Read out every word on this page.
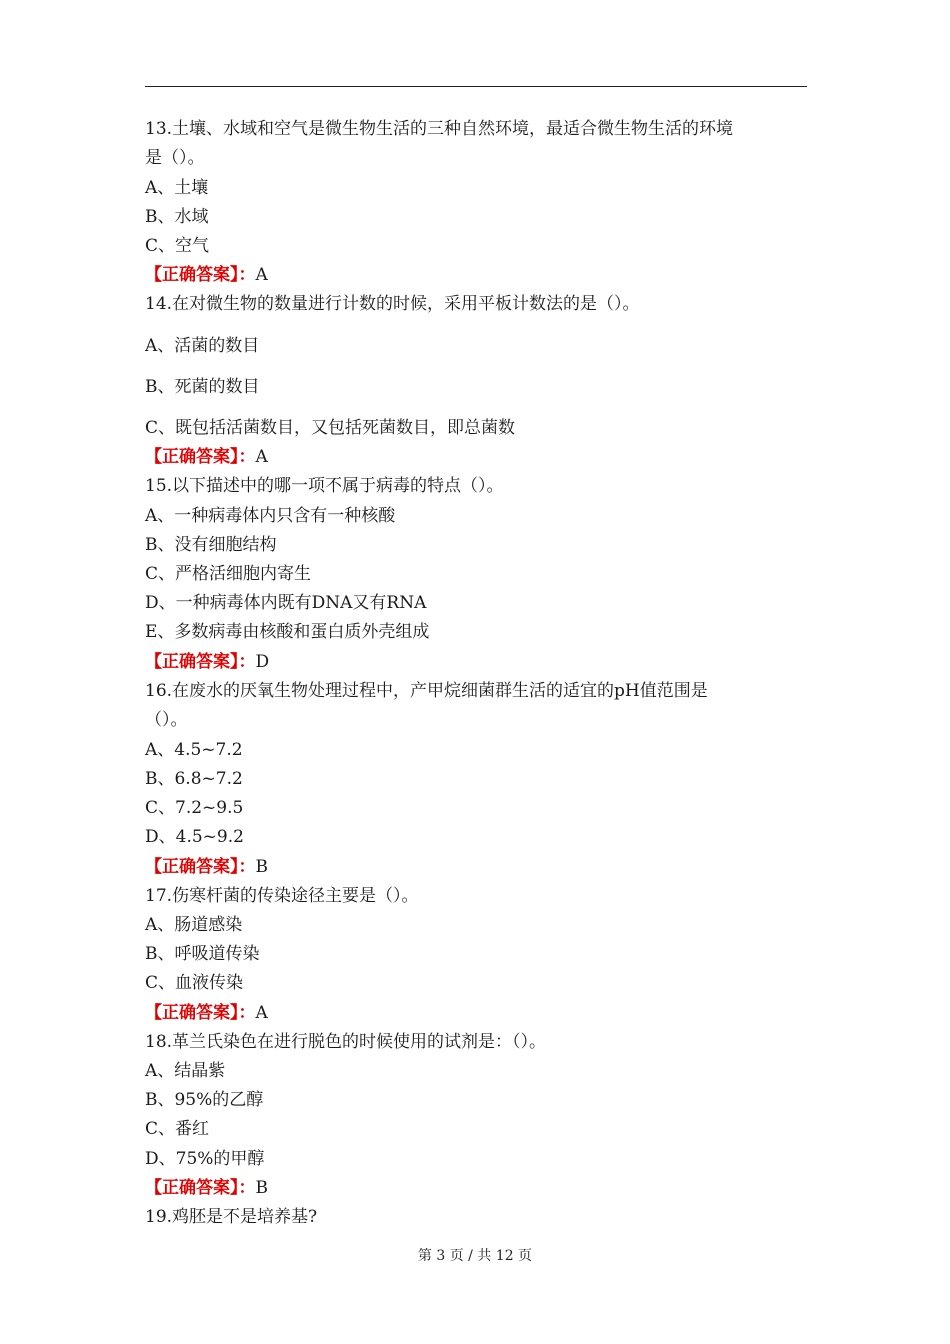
13.土壤、水域和空气是微生物生活的三种自然环境，最适合微生物生活的环境
是（）。
A、土壤
B、水域
C、空气
【正确答案】：A
14.在对微生物的数量进行计数的时候，采用平板计数法的是（）。
A、活菌的数目
B、死菌的数目
C、既包括活菌数目，又包括死菌数目，即总菌数
【正确答案】：A
15.以下描述中的哪一项不属于病毒的特点（）。
A、一种病毒体内只含有一种核酸
B、没有细胞结构
C、严格活细胞内寄生
D、一种病毒体内既有DNA又有RNA
E、多数病毒由核酸和蛋白质外壳组成
【正确答案】：D
16.在废水的厌氧生物处理过程中，产甲烷细菌群生活的适宜的pH值范围是
（）。
A、4.5~7.2
B、6.8~7.2
C、7.2~9.5
D、4.5~9.2
【正确答案】：B
17.伤寒杆菌的传染途径主要是（）。
A、肠道感染
B、呼吸道传染
C、血液传染
【正确答案】：A
18.革兰氏染色在进行脱色的时候使用的试剂是：（）。
A、结晶紫
B、95%的乙醇
C、番红
D、75%的甲醇
【正确答案】：B
19.鸡胚是不是培养基?
第 3 页 / 共 12 页
